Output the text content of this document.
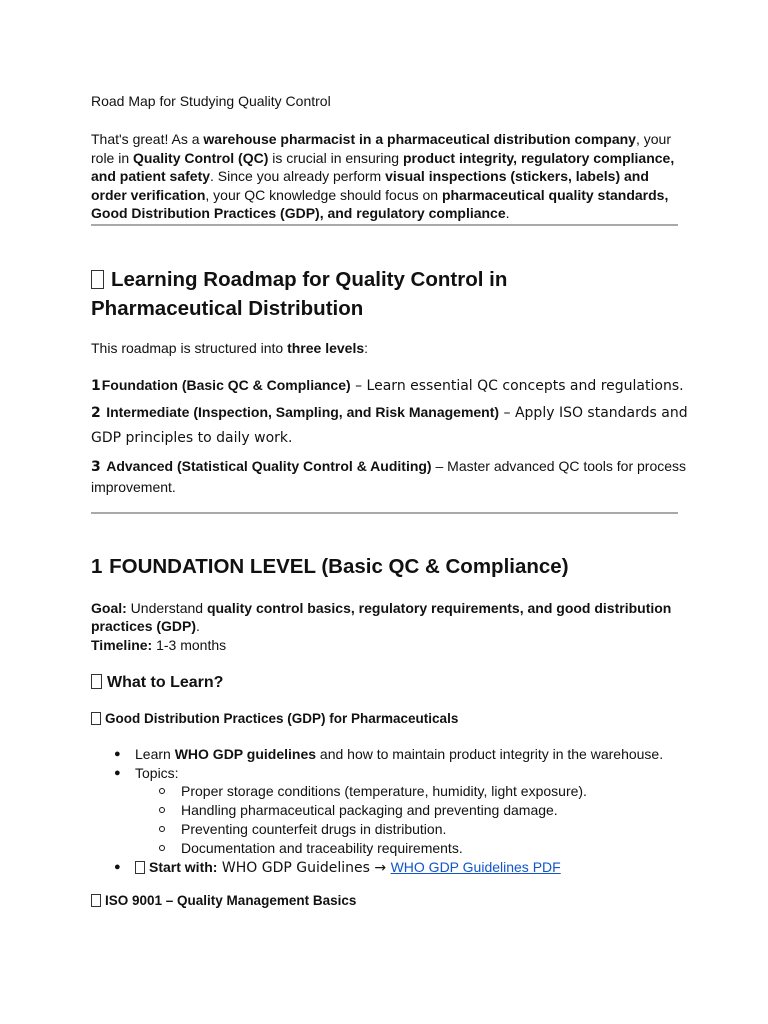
Road Map for Studying Quality Control
That's great! As a warehouse pharmacist in a pharmaceutical distribution company, your
role in Quality Control (QC) is crucial in ensuring product integrity, regulatory compliance,
and patient safety. Since you already perform visual inspections (stickers, labels) and
order verification, your QC knowledge should focus on pharmaceutical quality standards,
Good Distribution Practices (GDP), and regulatory compliance.
Learning Roadmap for Quality Control in
Pharmaceutical Distribution
This roadmap is structured into three levels:
1Foundation (Basic QC & Compliance) – Learn essential QC concepts and regulations.
2 Intermediate (Inspection, Sampling, and Risk Management) – Apply ISO standards and
GDP principles to daily work.
3 Advanced (Statistical Quality Control & Auditing) – Master advanced QC tools for process
improvement.
1 FOUNDATION LEVEL (Basic QC & Compliance)
Goal: Understand quality control basics, regulatory requirements, and good distribution
practices (GDP).
Timeline: 1-3 months
What to Learn?
Good Distribution Practices (GDP) for Pharmaceuticals
● Learn WHO GDP guidelines and how to maintain product integrity in the warehouse.
● Topics:
Proper storage conditions (temperature, humidity, light exposure).
Handling pharmaceutical packaging and preventing damage.
Preventing counterfeit drugs in distribution.
Documentation and traceability requirements.
●	Start with: WHO GDP Guidelines → WHO GDP Guidelines PDF
ISO 9001 – Quality Management Basics
